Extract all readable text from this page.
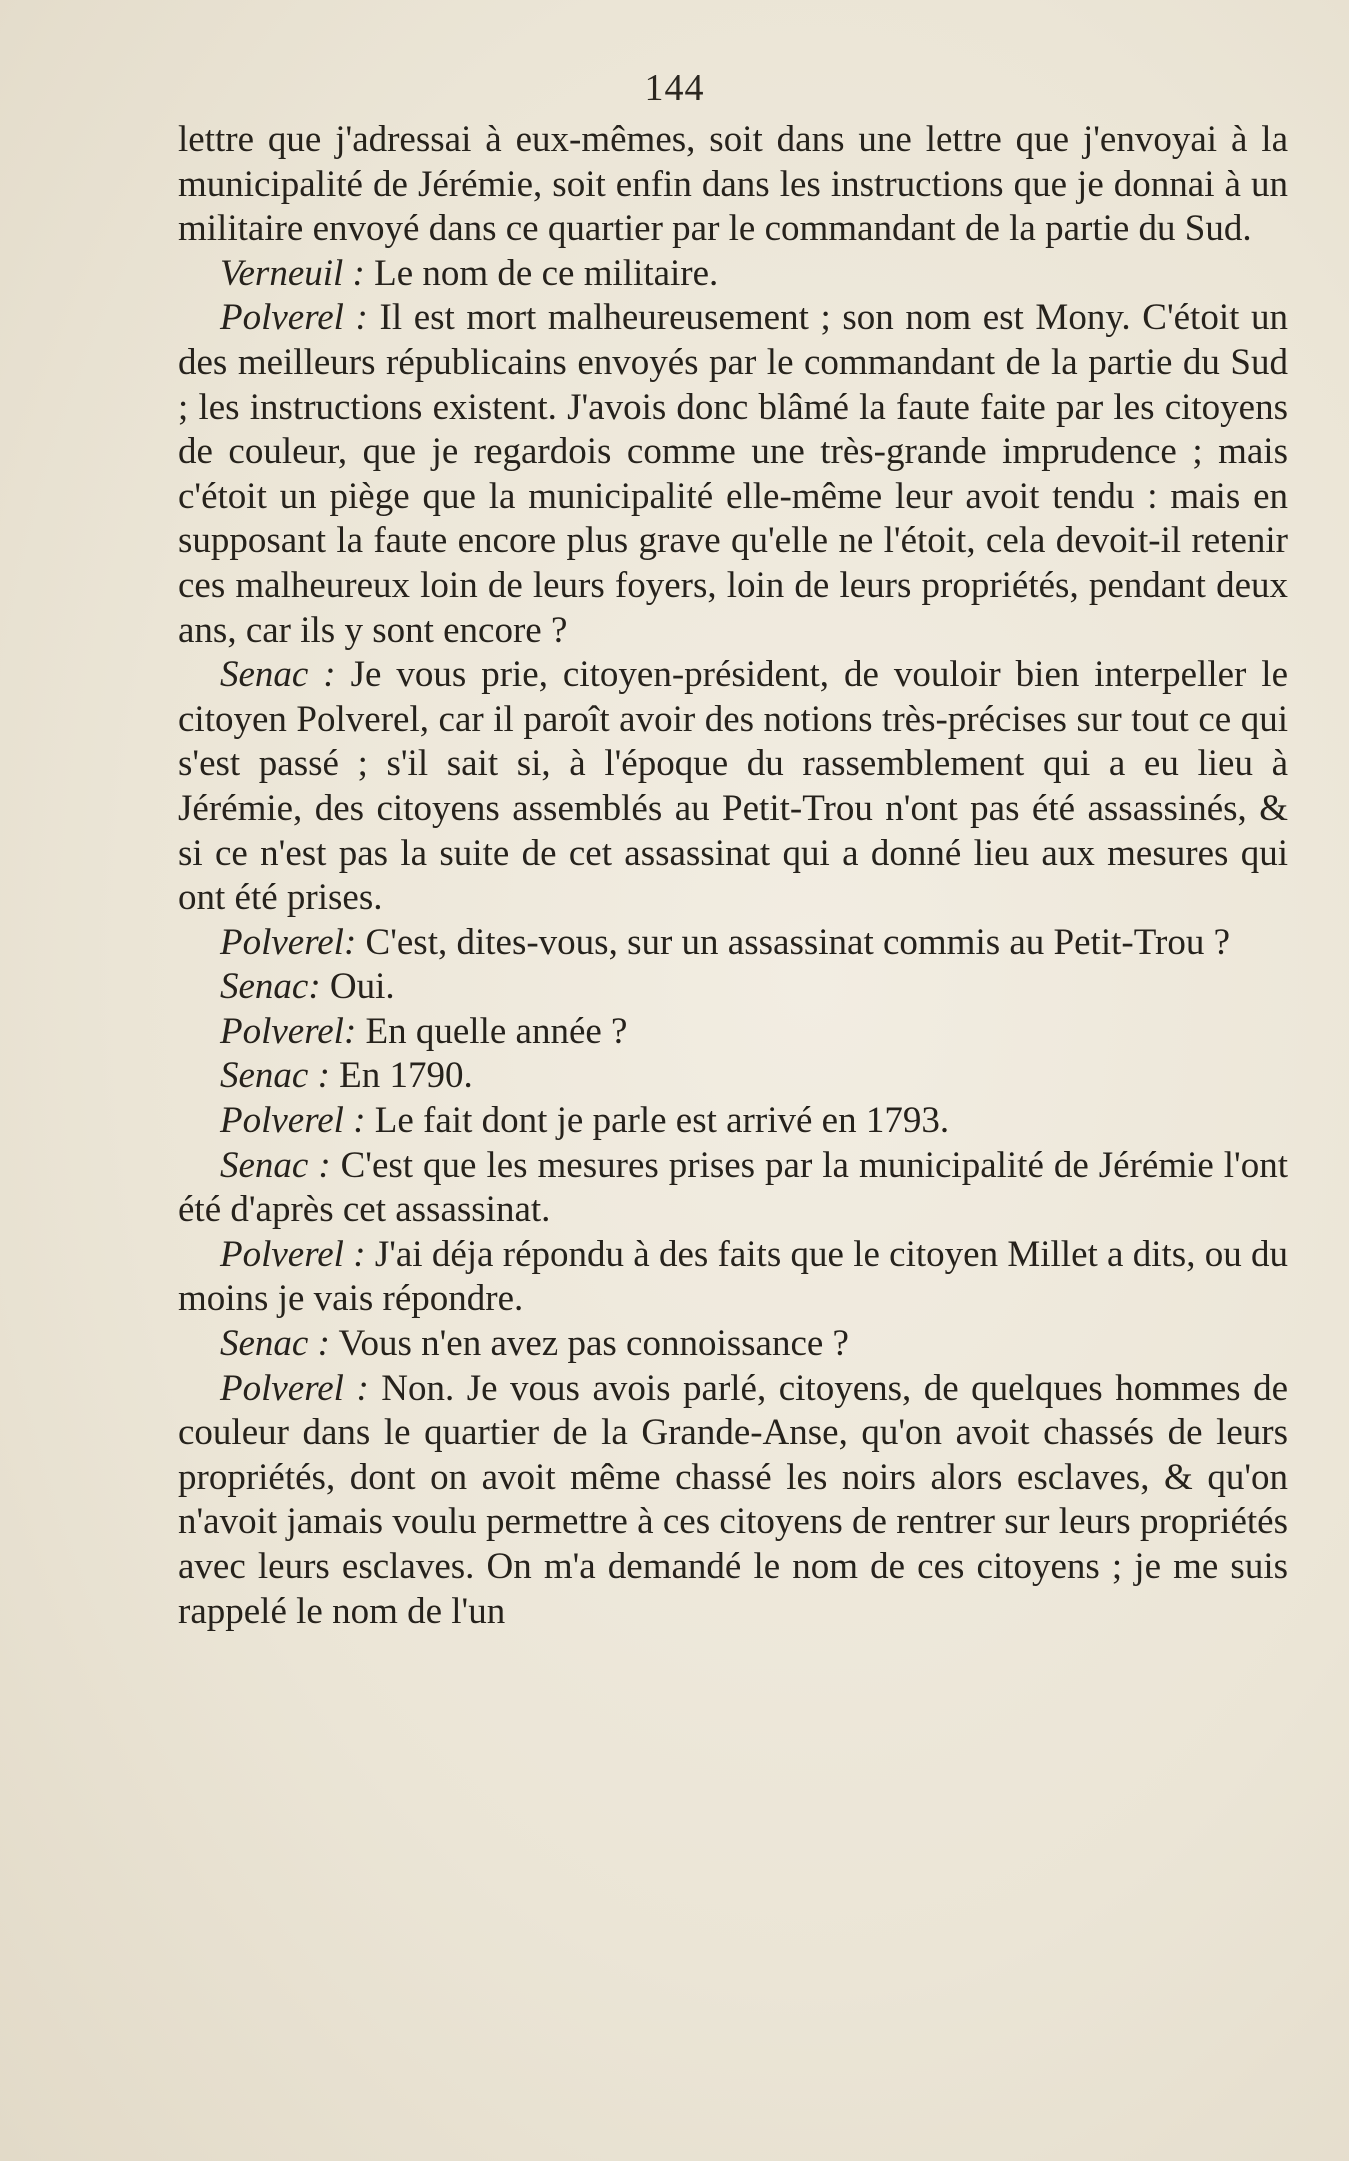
144

lettre que j'adressai à eux-mêmes, soit dans une lettre que j'envoyai à la municipalité de Jérémie, soit enfin dans les instructions que je donnai à un militaire envoyé dans ce quartier par le commandant de la partie du Sud.

Verneuil : Le nom de ce militaire.

Polverel : Il est mort malheureusement ; son nom est Mony. C'étoit un des meilleurs républicains envoyés par le commandant de la partie du Sud ; les instructions existent. J'avois donc blâmé la faute faite par les citoyens de couleur, que je regardois comme une très-grande imprudence ; mais c'étoit un piège que la municipalité elle-même leur avoit tendu : mais en supposant la faute encore plus grave qu'elle ne l'étoit, cela devoit-il retenir ces malheureux loin de leurs foyers, loin de leurs propriétés, pendant deux ans, car ils y sont encore ?

Senac : Je vous prie, citoyen-président, de vouloir bien interpeller le citoyen Polverel, car il paroît avoir des notions très-précises sur tout ce qui s'est passé ; s'il sait si, à l'époque du rassemblement qui a eu lieu à Jérémie, des citoyens assemblés au Petit-Trou n'ont pas été assassinés, & si ce n'est pas la suite de cet assassinat qui a donné lieu aux mesures qui ont été prises.

Polverel: C'est, dites-vous, sur un assassinat commis au Petit-Trou ?

Senac: Oui.

Polverel: En quelle année ?

Senac : En 1790.

Polverel : Le fait dont je parle est arrivé en 1793.

Senac : C'est que les mesures prises par la municipalité de Jérémie l'ont été d'après cet assassinat.

Polverel : J'ai déja répondu à des faits que le citoyen Millet a dits, ou du moins je vais répondre.

Senac : Vous n'en avez pas connoissance ?

Polverel : Non. Je vous avois parlé, citoyens, de quelques hommes de couleur dans le quartier de la Grande-Anse, qu'on avoit chassés de leurs propriétés, dont on avoit même chassé les noirs alors esclaves, & qu'on n'avoit jamais voulu permettre à ces citoyens de rentrer sur leurs propriétés avec leurs esclaves. On m'a demandé le nom de ces citoyens ; je me suis rappelé le nom de l'un
